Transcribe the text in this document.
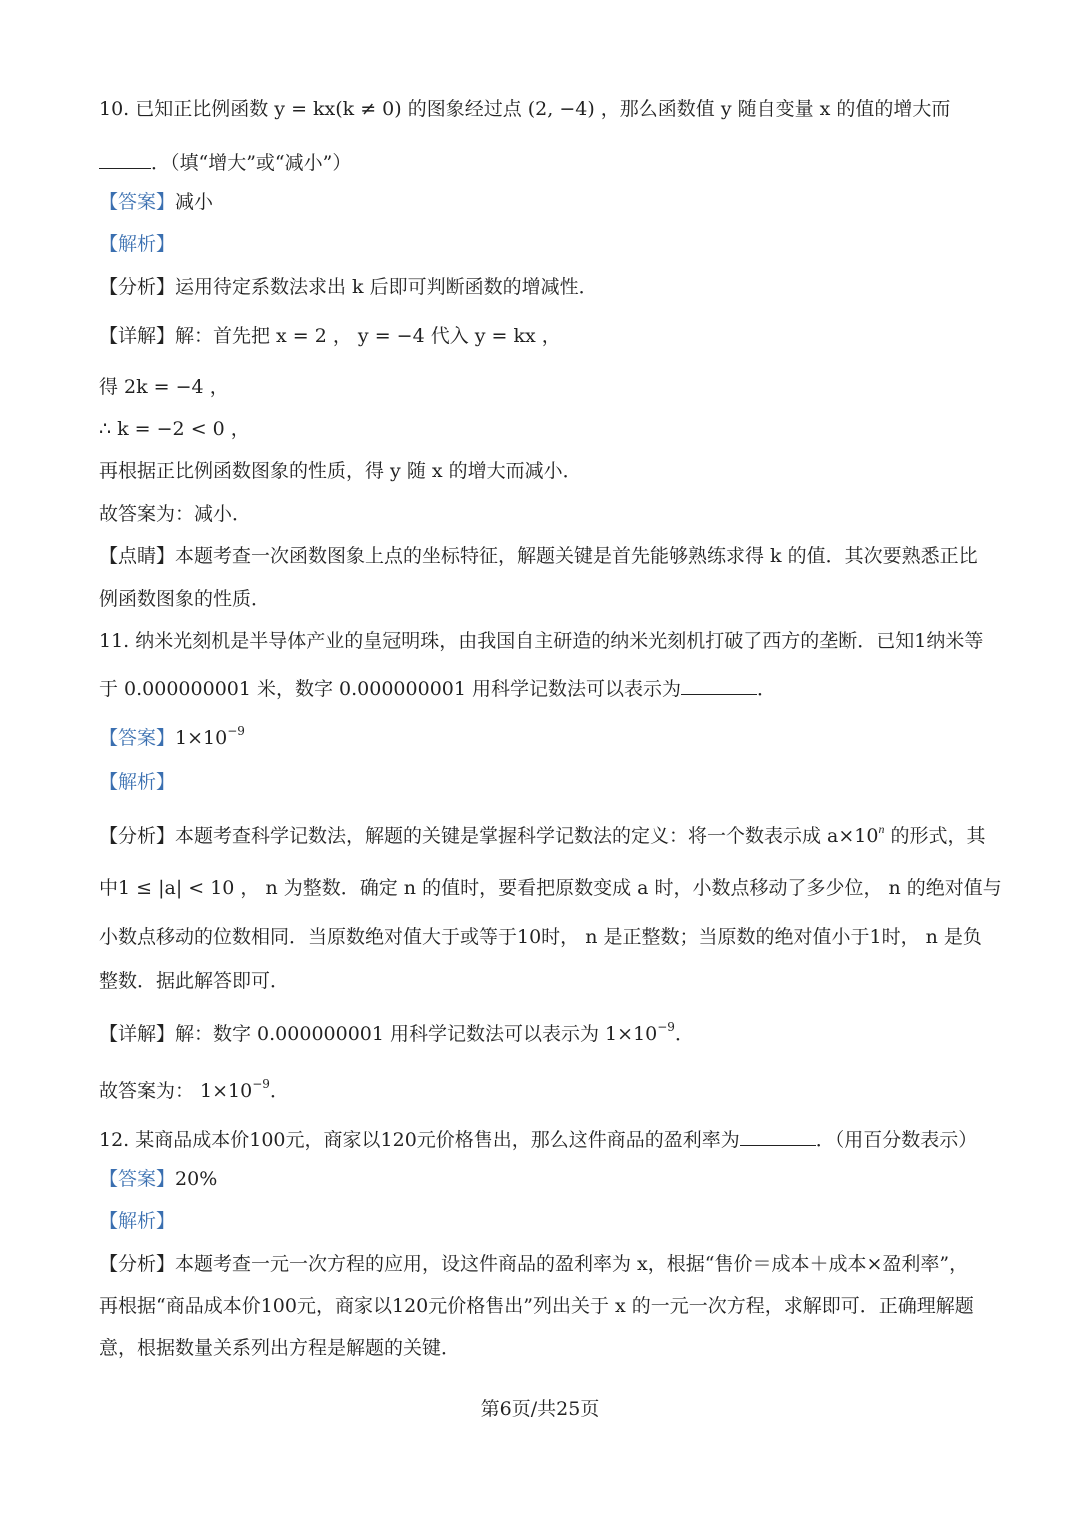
10. 已知正比例函数 y = kx(k ≠ 0) 的图象经过点 (2, −4) ，那么函数值 y 随自变量 x 的值的增大而
．（填“增大”或“减小”）
【答案】减小
【解析】
【分析】运用待定系数法求出 k 后即可判断函数的增减性．
【详解】解：首先把 x = 2 ， y = −4 代入 y = kx ，
得 2k = −4 ，
∴ k = −2 < 0 ，
再根据正比例函数图象的性质，得 y 随 x 的增大而减小．
故答案为：减小．
【点睛】本题考查一次函数图象上点的坐标特征，解题关键是首先能够熟练求得 k 的值．其次要熟悉正比
例函数图象的性质．
11. 纳米光刻机是半导体产业的皇冠明珠，由我国自主研造的纳米光刻机打破了西方的垄断．已知1纳米等
于 0.000000001 米，数字 0.000000001 用科学记数法可以表示为	．
【答案】$1\times 10^{-9}$
【解析】
【分析】本题考查科学记数法，解题的关键是掌握科学记数法的定义：将一个数表示成 $a\times 10^n$ 的形式，其
中1 ≤ |a| < 10 ， n 为整数．确定 n 的值时，要看把原数变成 a 时，小数点移动了多少位， n 的绝对值与
小数点移动的位数相同．当原数绝对值大于或等于10时， n 是正整数；当原数的绝对值小于1时， n 是负
整数．据此解答即可．
【详解】解：数字 0.000000001 用科学记数法可以表示为 $1\times 10^{-9}$．
故答案为： $1\times 10^{-9}$．
12. 某商品成本价100元，商家以120元价格售出，那么这件商品的盈利率为	．（用百分数表示）
【答案】20%
【解析】
【分析】本题考查一元一次方程的应用，设这件商品的盈利率为 x，根据“售价＝成本＋成本×盈利率”，
再根据“商品成本价100元，商家以120元价格售出”列出关于 x 的一元一次方程，求解即可．正确理解题
意，根据数量关系列出方程是解题的关键．
第6页/共25页
